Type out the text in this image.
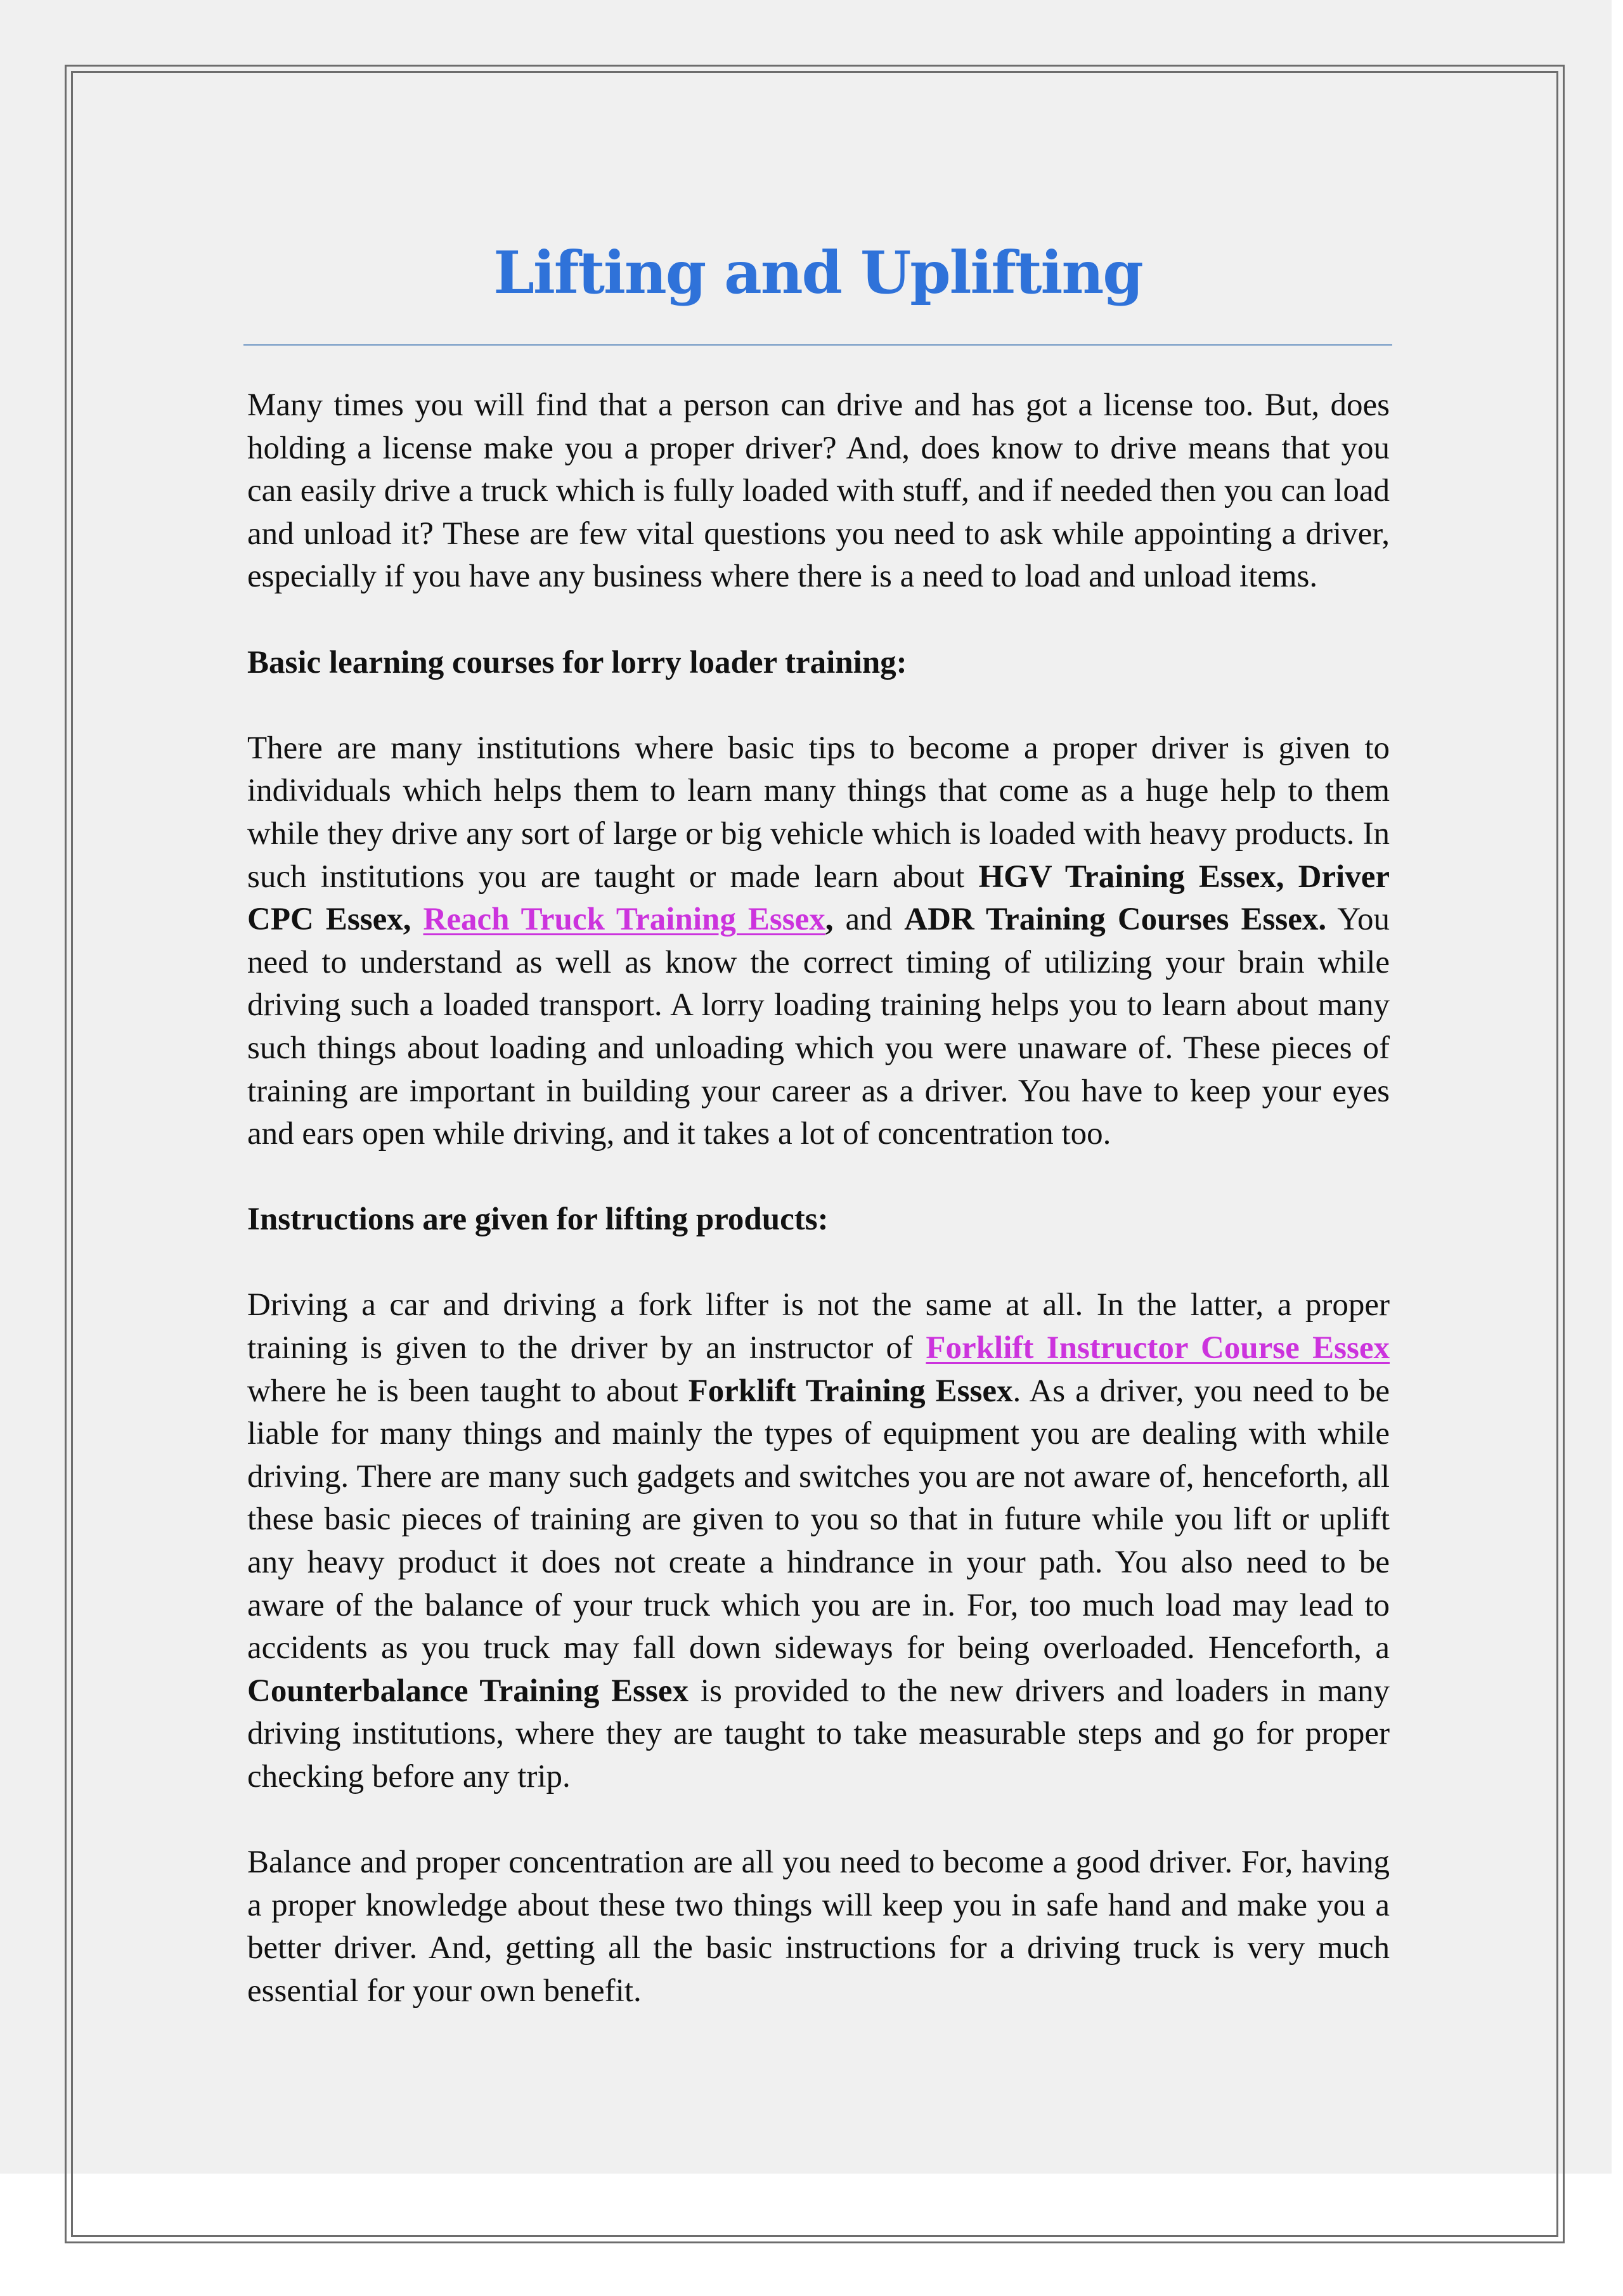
Lifting and Uplifting

Many times you will find that a person can drive and has got a license too. But, does holding a license make you a proper driver? And, does know to drive means that you can easily drive a truck which is fully loaded with stuff, and if needed then you can load and unload it? These are few vital questions you need to ask while appointing a driver, especially if you have any business where there is a need to load and unload items.

Basic learning courses for lorry loader training:

There are many institutions where basic tips to become a proper driver is given to individuals which helps them to learn many things that come as a huge help to them while they drive any sort of large or big vehicle which is loaded with heavy products. In such institutions you are taught or made learn about HGV Training Essex, Driver CPC Essex, Reach Truck Training Essex, and ADR Training Courses Essex. You need to understand as well as know the correct timing of utilizing your brain while driving such a loaded transport. A lorry loading training helps you to learn about many such things about loading and unloading which you were unaware of. These pieces of training are important in building your career as a driver. You have to keep your eyes and ears open while driving, and it takes a lot of concentration too.

Instructions are given for lifting products:

Driving a car and driving a fork lifter is not the same at all. In the latter, a proper training is given to the driver by an instructor of Forklift Instructor Course Essex where he is been taught to about Forklift Training Essex. As a driver, you need to be liable for many things and mainly the types of equipment you are dealing with while driving. There are many such gadgets and switches you are not aware of, henceforth, all these basic pieces of training are given to you so that in future while you lift or uplift any heavy product it does not create a hindrance in your path. You also need to be aware of the balance of your truck which you are in. For, too much load may lead to accidents as you truck may fall down sideways for being overloaded. Henceforth, a Counterbalance Training Essex is provided to the new drivers and loaders in many driving institutions, where they are taught to take measurable steps and go for proper checking before any trip.

Balance and proper concentration are all you need to become a good driver. For, having a proper knowledge about these two things will keep you in safe hand and make you a better driver. And, getting all the basic instructions for a driving truck is very much essential for your own benefit.
